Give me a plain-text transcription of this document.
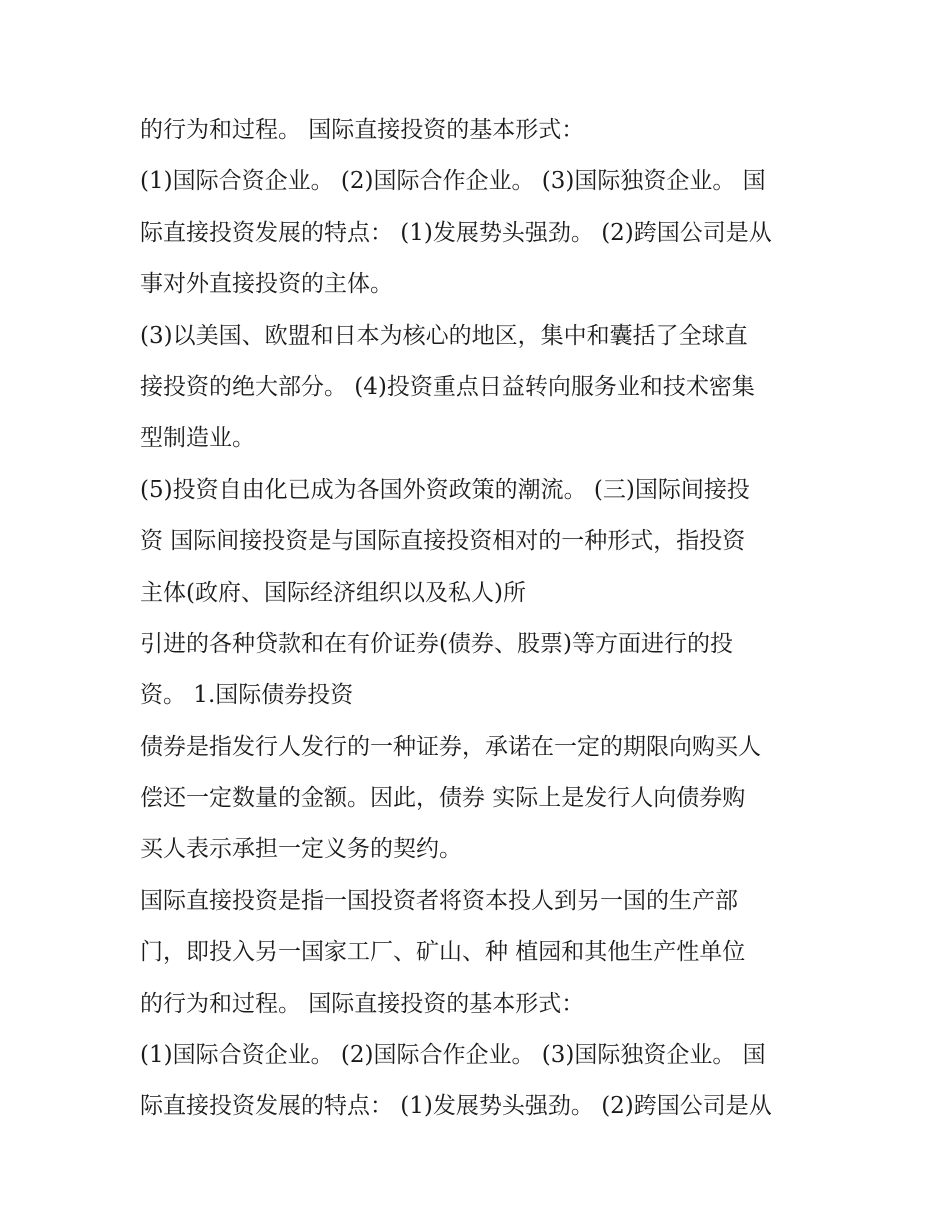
的行为和过程。 国际直接投资的基本形式：
(1)国际合资企业。 (2)国际合作企业。 (3)国际独资企业。 国
际直接投资发展的特点： (1)发展势头强劲。 (2)跨国公司是从
事对外直接投资的主体。
(3)以美国、欧盟和日本为核心的地区，集中和囊括了全球直
接投资的绝大部分。 (4)投资重点日益转向服务业和技术密集
型制造业。
(5)投资自由化已成为各国外资政策的潮流。 (三)国际间接投
资 国际间接投资是与国际直接投资相对的一种形式，指投资
主体(政府、国际经济组织以及私人)所
引进的各种贷款和在有价证券(债券、股票)等方面进行的投
资。 1.国际债券投资
债券是指发行人发行的一种证券，承诺在一定的期限向购买人
偿还一定数量的金额。因此，债券 实际上是发行人向债券购
买人表示承担一定义务的契约。
国际直接投资是指一国投资者将资本投人到另一国的生产部
门，即投入另一国家工厂、矿山、种 植园和其他生产性单位
的行为和过程。 国际直接投资的基本形式：
(1)国际合资企业。 (2)国际合作企业。 (3)国际独资企业。 国
际直接投资发展的特点： (1)发展势头强劲。 (2)跨国公司是从
